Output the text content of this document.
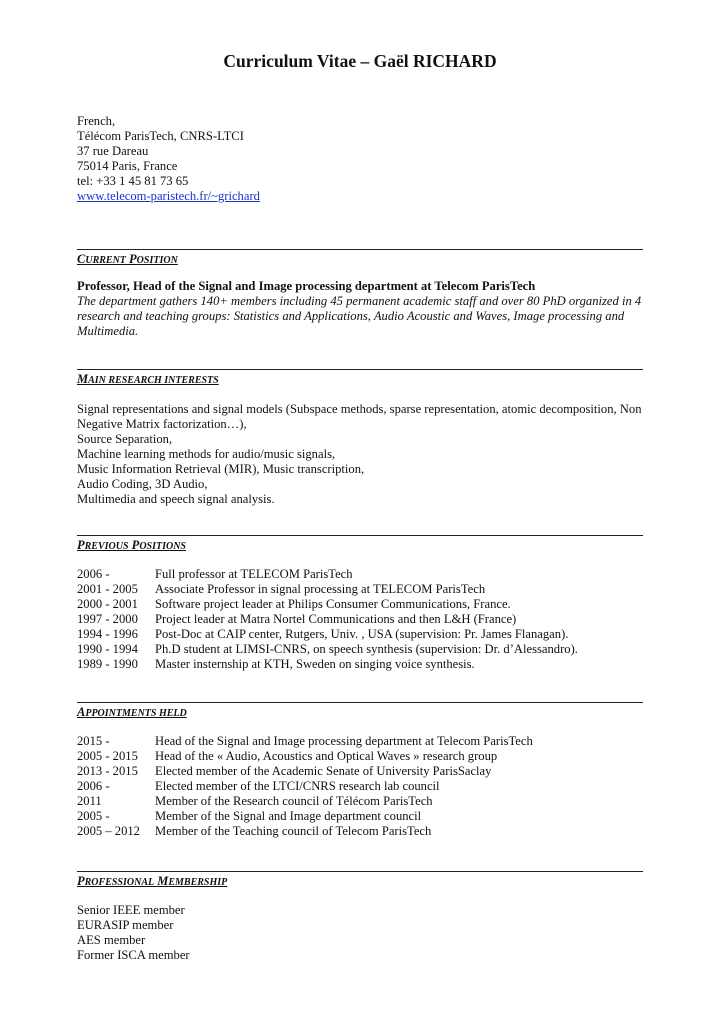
Curriculum Vitae – Gaël RICHARD
French,
Télécom ParisTech, CNRS-LTCI
37 rue Dareau
75014 Paris, France
tel: +33 1 45 81 73 65
www.telecom-paristech.fr/~grichard
CURRENT POSITION
Professor, Head of the Signal and Image processing department at Telecom ParisTech
The department gathers 140+ members including 45 permanent academic staff and over 80 PhD organized in 4 research and teaching groups: Statistics and Applications, Audio Acoustic and Waves, Image processing and Multimedia.
MAIN RESEARCH INTERESTS
Signal representations and signal models (Subspace methods, sparse representation, atomic decomposition, Non Negative Matrix factorization…),
Source Separation,
Machine learning methods for audio/music signals,
Music Information Retrieval (MIR), Music transcription,
Audio Coding, 3D Audio,
Multimedia and speech signal analysis.
PREVIOUS POSITIONS
2006 -	Full professor at TELECOM ParisTech
2001 - 2005	Associate Professor in signal processing at TELECOM ParisTech
2000 - 2001	Software project leader at Philips Consumer Communications, France.
1997 - 2000	Project leader at Matra Nortel Communications and then L&H (France)
1994 - 1996	Post-Doc at CAIP center, Rutgers, Univ. , USA (supervision: Pr. James Flanagan).
1990 - 1994	Ph.D student at LIMSI-CNRS, on speech synthesis (supervision: Dr. d’Alessandro).
1989 - 1990	Master insternship at KTH, Sweden on singing voice synthesis.
APPOINTMENTS HELD
2015 -	Head of the Signal and Image processing department at Telecom ParisTech
2005 - 2015	Head of the « Audio, Acoustics and Optical Waves » research group
2013 - 2015	Elected member of the Academic Senate of University ParisSaclay
2006 -	Elected member of the LTCI/CNRS research lab council
2011	Member of the Research council of Télécom ParisTech
2005 -	Member of the Signal and Image department council
2005 – 2012	Member of the Teaching council of Telecom ParisTech
PROFESSIONAL MEMBERSHIP
Senior IEEE member
EURASIP member
AES member
Former ISCA member
